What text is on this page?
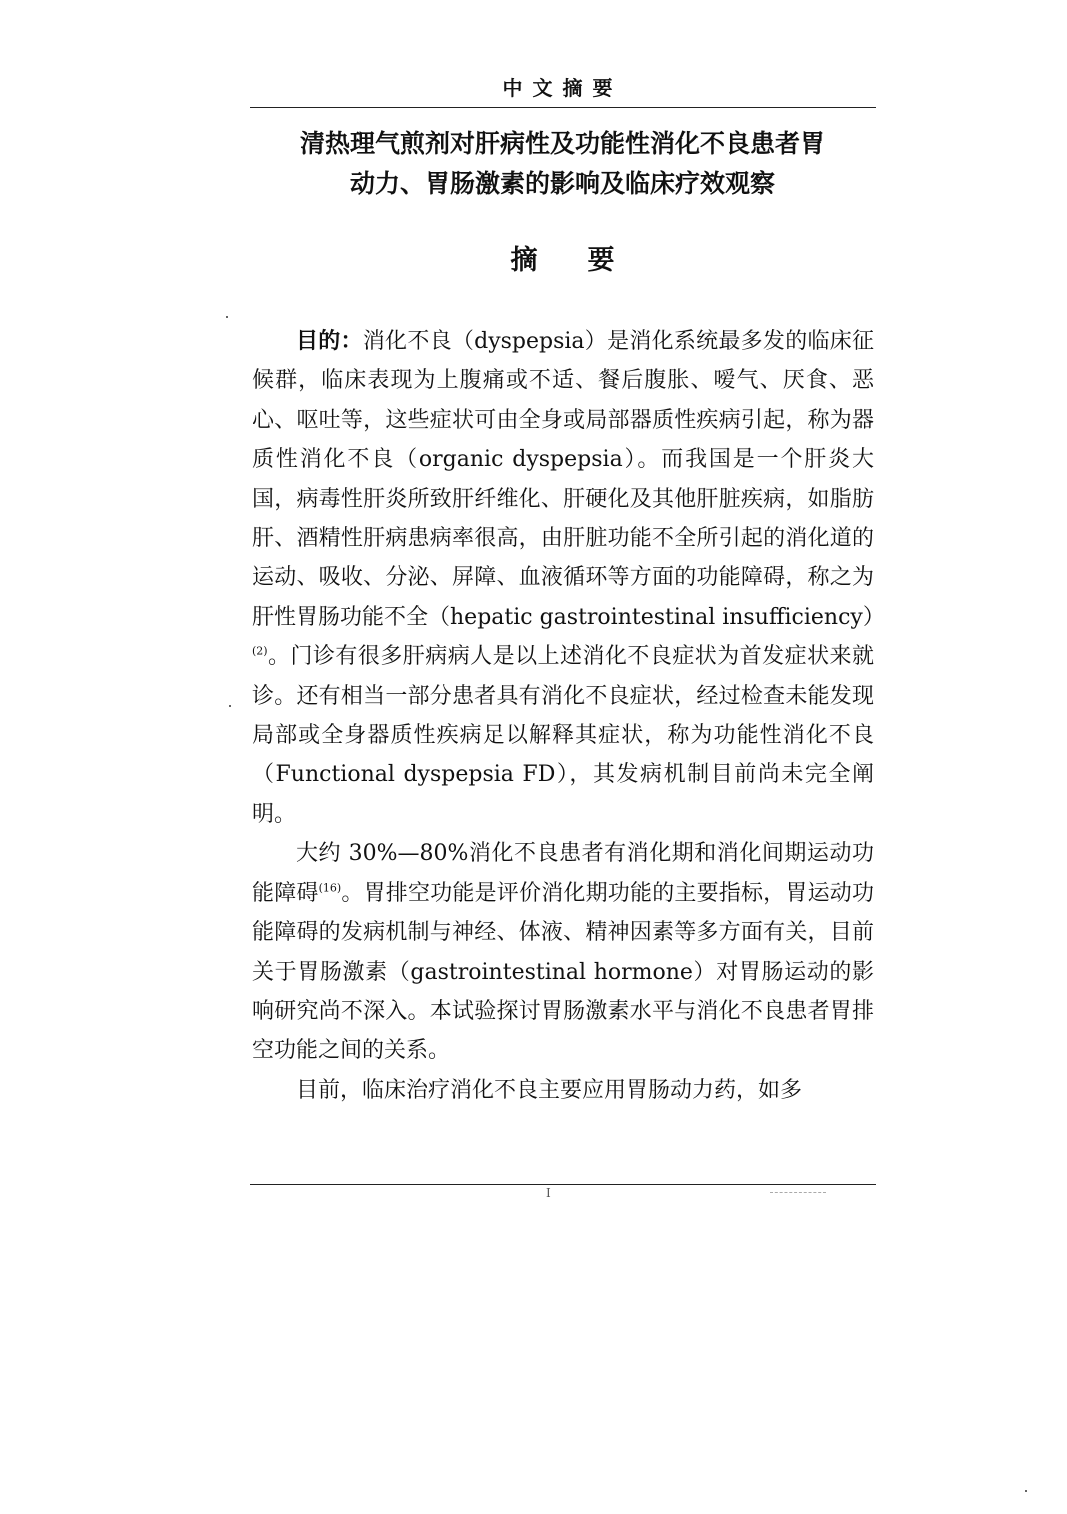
中文摘要
清热理气煎剂对肝病性及功能性消化不良患者胃
动力、胃肠激素的影响及临床疗效观察
摘要

目的：消化不良（dyspepsia）是消化系统最多发的临床征候群，临床表现为上腹痛或不适、餐后腹胀、嗳气、厌食、恶心、呕吐等，这些症状可由全身或局部器质性疾病引起，称为器质性消化不良（organic dyspepsia）。而我国是一个肝炎大国，病毒性肝炎所致肝纤维化、肝硬化及其他肝脏疾病，如脂肪肝、酒精性肝病患病率很高，由肝脏功能不全所引起的消化道的运动、吸收、分泌、屏障、血液循环等方面的功能障碍，称之为肝性胃肠功能不全（hepatic gastrointestinal insufficiency）$^{(2)}$。门诊有很多肝病病人是以上述消化不良症状为首发症状来就诊。还有相当一部分患者具有消化不良症状，经过检查未能发现局部或全身器质性疾病足以解释其症状，称为功能性消化不良（Functional dyspepsia FD），其发病机制目前尚未完全阐明。

大约 30%—80%消化不良患者有消化期和消化间期运动功能障碍$^{(16)}$。胃排空功能是评价消化期功能的主要指标，胃运动功能障碍的发病机制与神经、体液、精神因素等多方面有关，目前关于胃肠激素（gastrointestinal hormone）对胃肠运动的影响研究尚不深入。本试验探讨胃肠激素水平与消化不良患者胃排空功能之间的关系。

目前，临床治疗消化不良主要应用胃肠动力药，如多

I
